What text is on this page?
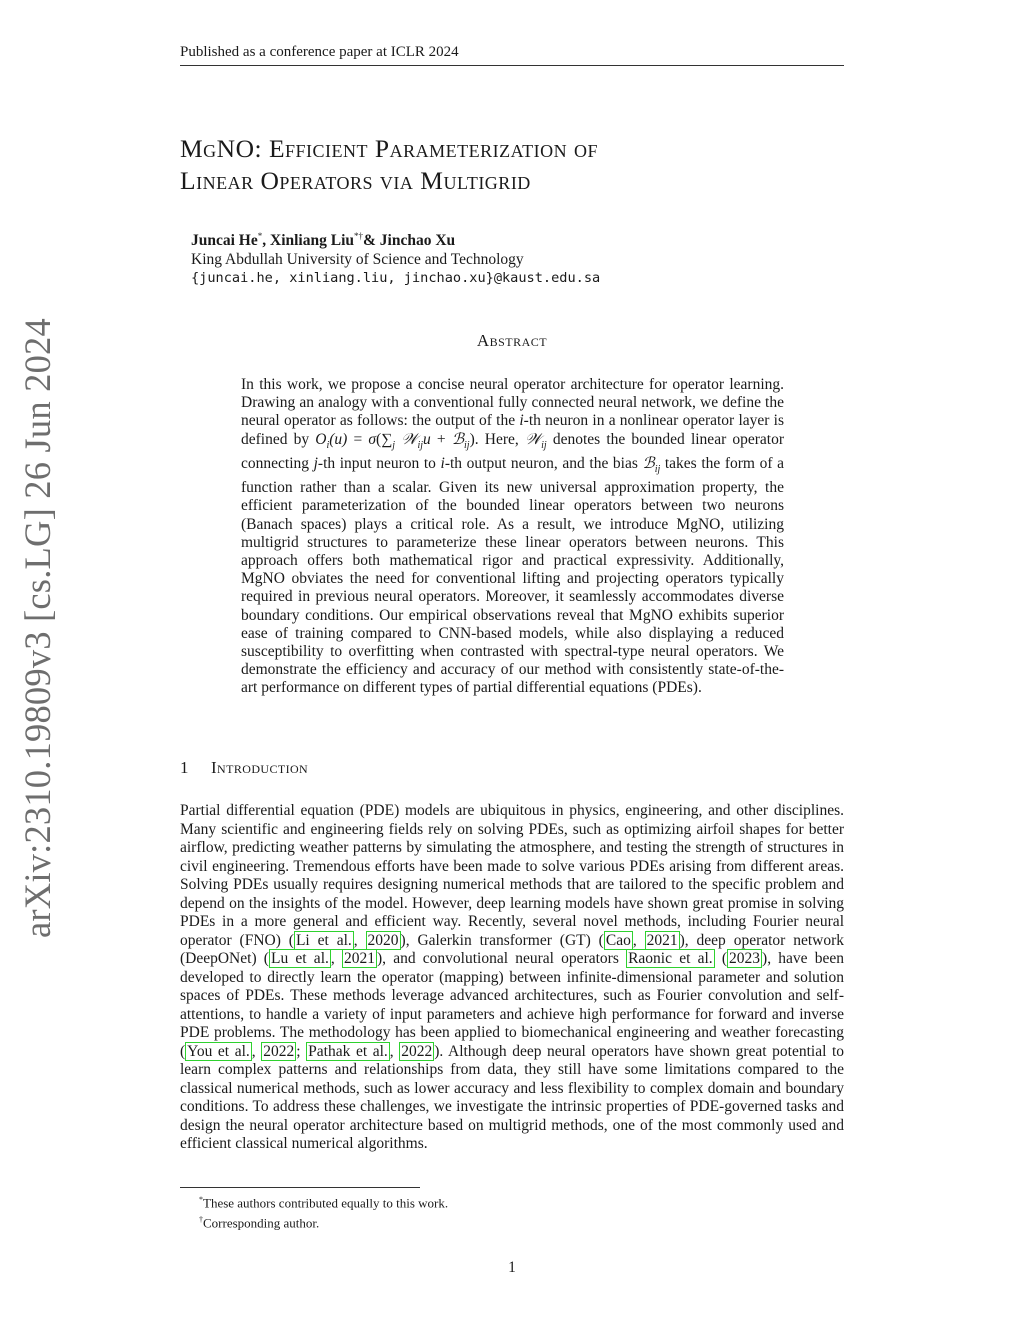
Published as a conference paper at ICLR 2024
arXiv:2310.19809v3 [cs.LG] 26 Jun 2024
MgNO: Efficient Parameterization of
Linear Operators via Multigrid
Juncai He*, Xinliang Liu*†& Jinchao Xu
King Abdullah University of Science and Technology
{juncai.he, xinliang.liu, jinchao.xu}@kaust.edu.sa
Abstract
In this work, we propose a concise neural operator architecture for operator learning. Drawing an analogy with a conventional fully connected neural network, we define the neural operator as follows: the output of the i-th neuron in a nonlinear operator layer is defined by $O_i(u) = \sigma(\sum_j$ 𝒲$_{ij}$u + ℬ$_{ij}$). Here, 𝒲$_{ij}$ denotes the bounded linear operator connecting j-th input neuron to i-th output neuron, and the bias ℬ$_{ij}$ takes the form of a function rather than a scalar. Given its new universal approximation property, the efficient parameterization of the bounded linear operators between two neurons (Banach spaces) plays a critical role. As a result, we introduce MgNO, utilizing multigrid structures to parameterize these linear operators between neurons. This approach offers both mathematical rigor and practical expressivity. Additionally, MgNO obviates the need for conventional lifting and projecting operators typically required in previous neural operators. Moreover, it seamlessly accommodates diverse boundary conditions. Our empirical observations reveal that MgNO exhibits superior ease of training compared to CNN-based models, while also displaying a reduced susceptibility to overfitting when contrasted with spectral-type neural operators. We demonstrate the efficiency and accuracy of our method with consistently state-of-the-art performance on different types of partial differential equations (PDEs).
1 Introduction
Partial differential equation (PDE) models are ubiquitous in physics, engineering, and other disciplines. Many scientific and engineering fields rely on solving PDEs, such as optimizing airfoil shapes for better airflow, predicting weather patterns by simulating the atmosphere, and testing the strength of structures in civil engineering. Tremendous efforts have been made to solve various PDEs arising from different areas. Solving PDEs usually requires designing numerical methods that are tailored to the specific problem and depend on the insights of the model. However, deep learning models have shown great promise in solving PDEs in a more general and efficient way. Recently, several novel methods, including Fourier neural operator (FNO) ( Li et al. , 2020 ), Galerkin transformer (GT) ( Cao , 2021 ), deep operator network (DeepONet) ( Lu et al. , 2021 ), and convolutional neural operators Raonic et al. ( 2023 ), have been developed to directly learn the operator (mapping) between infinite-dimensional parameter and solution spaces of PDEs. These methods leverage advanced architectures, such as Fourier convolution and self-attentions, to handle a variety of input parameters and achieve high performance for forward and inverse PDE problems. The methodology has been applied to biomechanical engineering and weather forecasting ( You et al. , 2022 ; Pathak et al. , 2022 ). Although deep neural operators have shown great potential to learn complex patterns and relationships from data, they still have some limitations compared to the classical numerical methods, such as lower accuracy and less flexibility to complex domain and boundary conditions. To address these challenges, we investigate the intrinsic properties of PDE-governed tasks and design the neural operator architecture based on multigrid methods, one of the most commonly used and efficient classical numerical algorithms.
*These authors contributed equally to this work.
†Corresponding author.
1
